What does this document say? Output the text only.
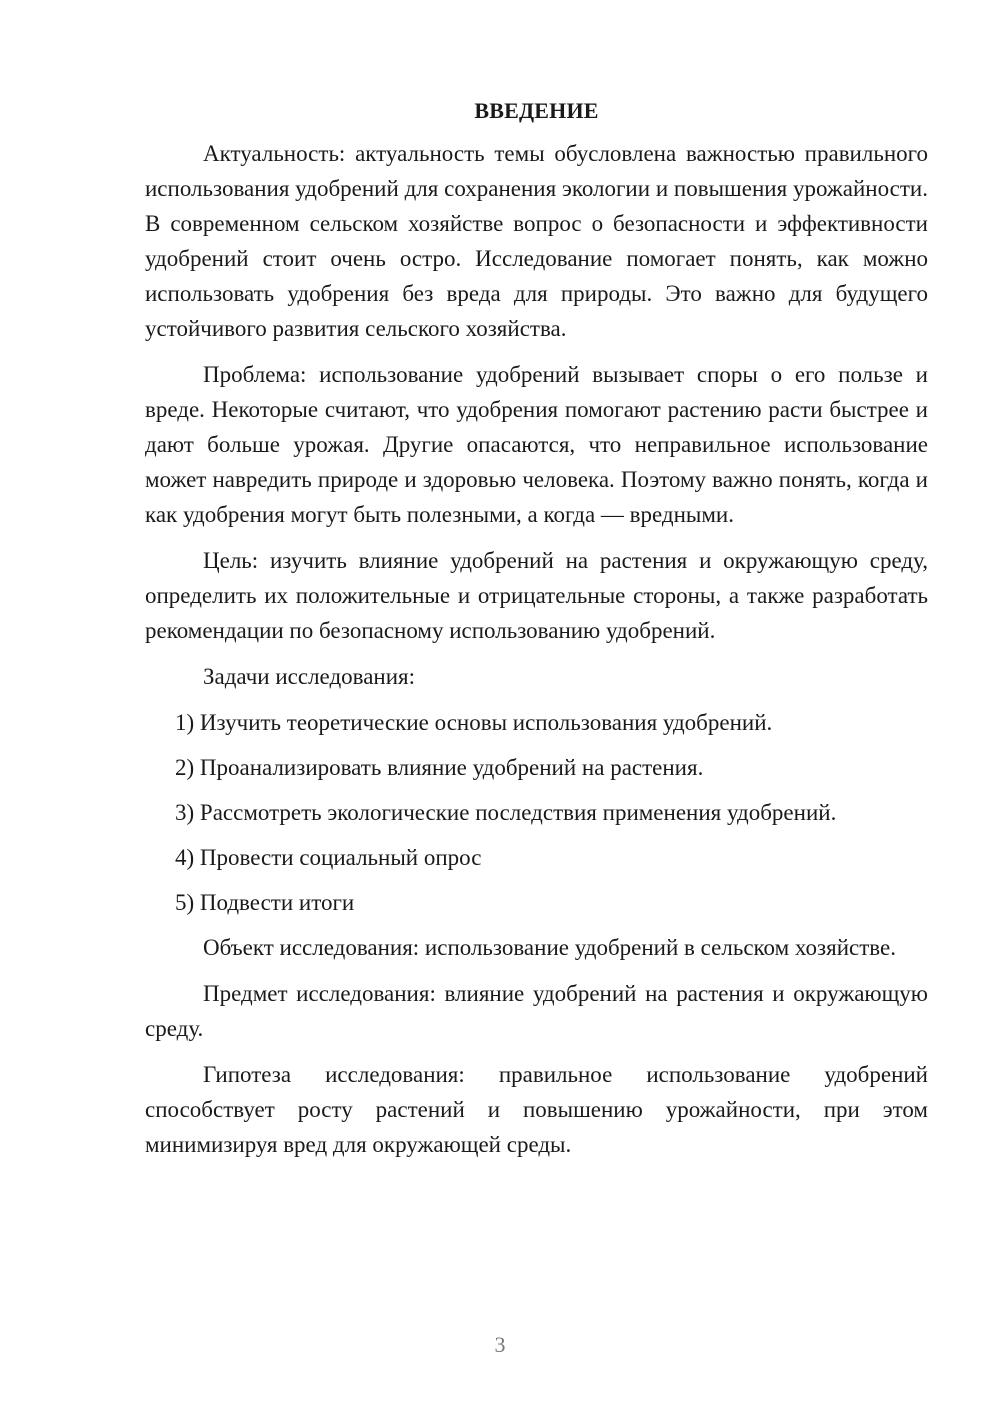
ВВЕДЕНИЕ

Актуальность: актуальность темы обусловлена важностью правильного использования удобрений для сохранения экологии и повышения урожайности. В современном сельском хозяйстве вопрос о безопасности и эффективности удобрений стоит очень остро. Исследование помогает понять, как можно использовать удобрения без вреда для природы. Это важно для будущего устойчивого развития сельского хозяйства.

Проблема: использование удобрений вызывает споры о его пользе и вреде. Некоторые считают, что удобрения помогают растению расти быстрее и дают больше урожая. Другие опасаются, что неправильное использование может навредить природе и здоровью человека. Поэтому важно понять, когда и как удобрения могут быть полезными, а когда — вредными.

Цель: изучить влияние удобрений на растения и окружающую среду, определить их положительные и отрицательные стороны, а также разработать рекомендации по безопасному использованию удобрений.

Задачи исследования:

1) Изучить теоретические основы использования удобрений.
2) Проанализировать влияние удобрений на растения.
3) Рассмотреть экологические последствия применения удобрений.
4) Провести социальный опрос
5) Подвести итоги

Объект исследования: использование удобрений в сельском хозяйстве.

Предмет исследования: влияние удобрений на растения и окружающую среду.

Гипотеза исследования: правильное использование удобрений способствует росту растений и повышению урожайности, при этом минимизируя вред для окружающей среды.

3
